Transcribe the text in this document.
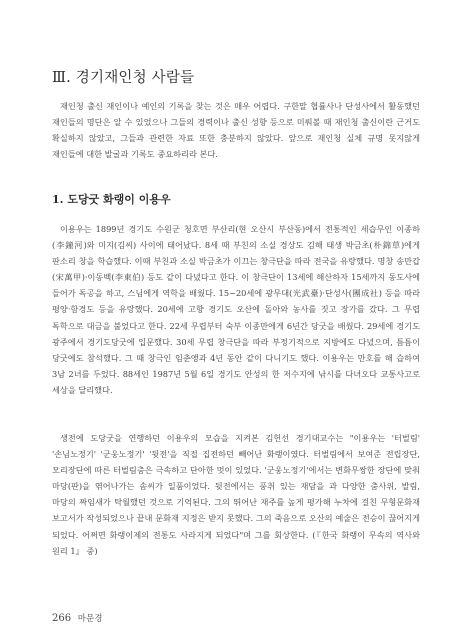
Ⅲ. 경기재인청 사람들

재인청 출신 재인이나 예인의 기록을 찾는 것은 매우 어렵다. 구한말 협률사나 단성사에서 활동했던 재인들의 명단은 알 수 있었으나 그들의 경력이나 출신 성향 등으로 미뤄볼 때 재인청 출신이란 근거도 확실하지 않았고, 그들과 관련한 자료 또한 충분하지 않았다. 앞으로 재인청 실체 규명 못지않게 재인들에 대한 발굴과 기록도 중요하리라 본다.

1. 도당굿 화랭이 이용우

이용우는 1899년 경기도 수원군 청호면 부산리(현 오산시 부산동)에서 전통적인 세습무인 이종하(李鐘河)와 미지(김씨) 사이에 태어났다. 8세 때 부친의 소실 경상도 김해 태생 박금초(朴錦草)에게 판소리 창을 학습했다. 이때 부친과 소실 박금초가 이끄는 창극단을 따라 전국을 유랑했다. 명창 송만갑(宋萬甲)·이동백(李東伯) 등도 같이 다녔다고 한다. 이 창극단이 13세에 해산하자 15세까지 동도사에 들어가 독공을 하고, 스님에게 역학을 배웠다. 15~20세에 광무대(光武臺)·단성사(團成社) 등을 따라 평양·함경도 등을 유랑했다. 20세에 고향 경기도 오산에 돌아와 농사를 짓고 장가를 갔다. 그 무렵 독학으로 대금을 불었다고 한다. 22세 무렵부터 숙부 이종만에게 6년간 당굿을 배웠다. 29세에 경기도 광주에서 경기도당굿에 입문했다. 30세 무렵 창극단을 따라 부정기적으로 지방에도 다녔으며, 틈틈이 당굿에도 참석했다. 그 때 창극인 임춘앵과 4년 동안 같이 다니기도 했다. 이용우는 만호를 해 습하여 3남 2녀를 두었다. 88세인 1987년 5월 6일 경기도 안성의 한 저수지에 낚시를 다녀오다 교통사고로 세상을 달리했다.

생전에 도당굿을 연행하던 이용우의 모습을 지켜본 김헌선 경기대교수는 "이용우는 '터벌림' '손님노정기' '군웅노정기' '뒷전'을 직접 집전하던 빼어난 화랭이였다. 터벌림에서 보여준 전립장단, 모리장단에 따른 터벌림춤은 극속하고 단아한 멋이 있었다. '군웅노정기'에서는 변화무쌍한 장단에 맞춰 마당(판)을 엮어나가는 솜씨가 일품이었다. 뒷전에서는 풍취 있는 재담을 과 다양한 춤사위, 발림, 마당의 짜임새가 탁월했던 것으로 기억된다. 그의 뛰어난 재주를 높게 평가해 누차에 걸친 무형문화재 보고서가 작성되었으나 끝내 문화재 지정은 받지 못했다. 그의 죽음으로 오산의 예술은 전승이 끊어지게 되었다. 어쩌면 화랭이제의 전통도 사라지게 되었다"며 그를 회상한다. (『한국 화랭이 무속의 역사와 원리 1』 중)

266 마문경
